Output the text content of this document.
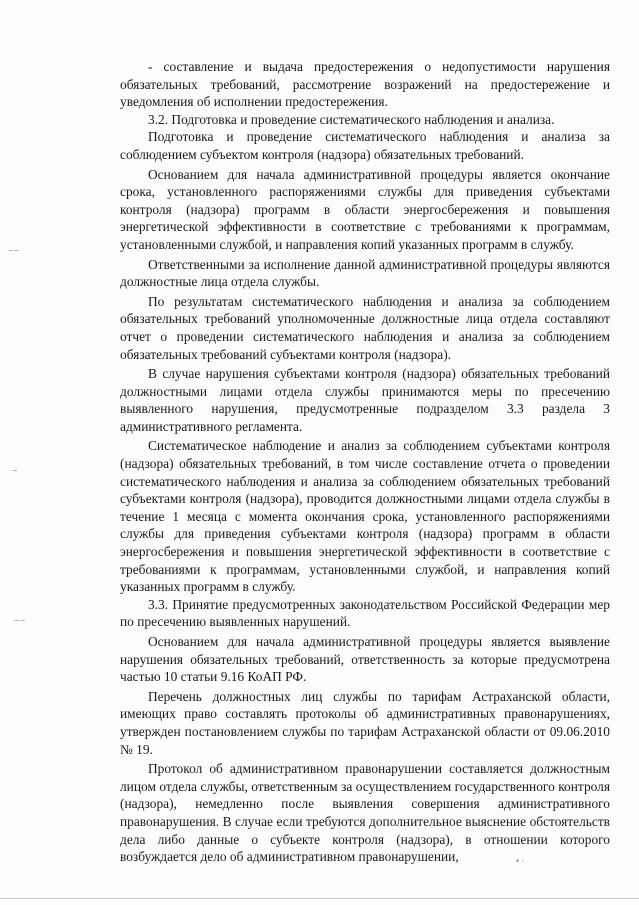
⁻⁻
⁻
⁻⁻

- составление и выдача предостережения о недопустимости нарушения обязательных требований, рассмотрение возражений на предостережение и уведомления об исполнении предостережения.

3.2. Подготовка и проведение систематического наблюдения и анализа.

Подготовка и проведение систематического наблюдения и анализа за соблюдением субъектом контроля (надзора) обязательных требований.

Основанием для начала административной процедуры является окончание срока, установленного распоряжениями службы для приведения субъектами контроля (надзора) программ в области энергосбережения и повышения энергетической эффективности в соответствие с требованиями к программам, установленными службой, и направления копий указанных программ в службу.

Ответственными за исполнение данной административной процедуры являются должностные лица отдела службы.

По результатам систематического наблюдения и анализа за соблюдением обязательных требований уполномоченные должностные лица отдела составляют отчет о проведении систематического наблюдения и анализа за соблюдением обязательных требований субъектами контроля (надзора).

В случае нарушения субъектами контроля (надзора) обязательных требований должностными лицами отдела службы принимаются меры по пресечению выявленного нарушения, предусмотренные подразделом 3.3 раздела 3 административного регламента.

Систематическое наблюдение и анализ за соблюдением субъектами контроля (надзора) обязательных требований, в том числе составление отчета о проведении систематического наблюдения и анализа за соблюдением обязательных требований субъектами контроля (надзора), проводится должностными лицами отдела службы в течение 1 месяца с момента окончания срока, установленного распоряжениями службы для приведения субъектами контроля (надзора) программ в области энергосбережения и повышения энергетической эффективности в соответствие с требованиями к программам, установленными службой, и направления копий указанных программ в службу.

3.3. Принятие предусмотренных законодательством Российской Федерации мер по пресечению выявленных нарушений.

Основанием для начала административной процедуры является выявление нарушения обязательных требований, ответственность за которые предусмотрена частью 10 статьи 9.16 КоАП РФ.

Перечень должностных лиц службы по тарифам Астраханской области, имеющих право составлять протоколы об административных правонарушениях, утвержден постановлением службы по тарифам Астраханской области от 09.06.2010 № 19.

Протокол об административном правонарушении составляется должностным лицом отдела службы, ответственным за осуществлением государственного контроля (надзора), немедленно после выявления совершения административного правонарушения. В случае если требуются дополнительное выяснение обстоятельств дела либо данные о субъекте контроля (надзора), в отношении которого возбуждается дело об административном правонарушении,	• ·
